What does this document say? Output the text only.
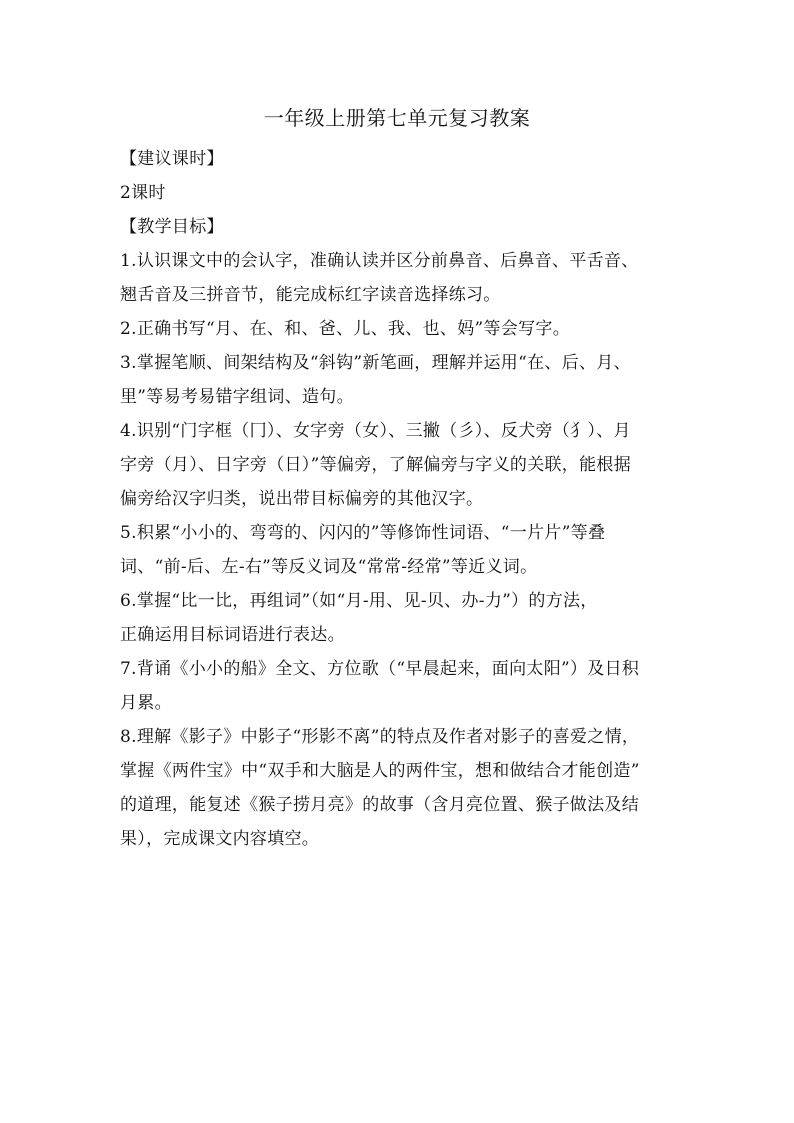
一年级上册第七单元复习教案
【建议课时】
2课时
【教学目标】
1.认识课文中的会认字，准确认读并区分前鼻音、后鼻音、平舌音、
翘舌音及三拼音节，能完成标红字读音选择练习。
2.正确书写“月、在、和、爸、儿、我、也、妈”等会写字。
3.掌握笔顺、间架结构及“斜钩”新笔画，理解并运用“在、后、月、
里”等易考易错字组词、造句。
4.识别“门字框（冂）、女字旁（女）、三撇（彡）、反犬旁（犭）、月
字旁（月）、日字旁（日）”等偏旁，了解偏旁与字义的关联，能根据
偏旁给汉字归类，说出带目标偏旁的其他汉字。
5.积累“小小的、弯弯的、闪闪的”等修饰性词语、“一片片”等叠
词、“前-后、左-右”等反义词及“常常-经常”等近义词。
6.掌握“比一比，再组词”（如“月-用、见-贝、办-力”）的方法，
正确运用目标词语进行表达。
7.背诵《小小的船》全文、方位歌（“早晨起来，面向太阳”）及日积
月累。
8.理解《影子》中影子“形影不离”的特点及作者对影子的喜爱之情，
掌握《两件宝》中“双手和大脑是人的两件宝，想和做结合才能创造”
的道理，能复述《猴子捞月亮》的故事（含月亮位置、猴子做法及结
果），完成课文内容填空。
